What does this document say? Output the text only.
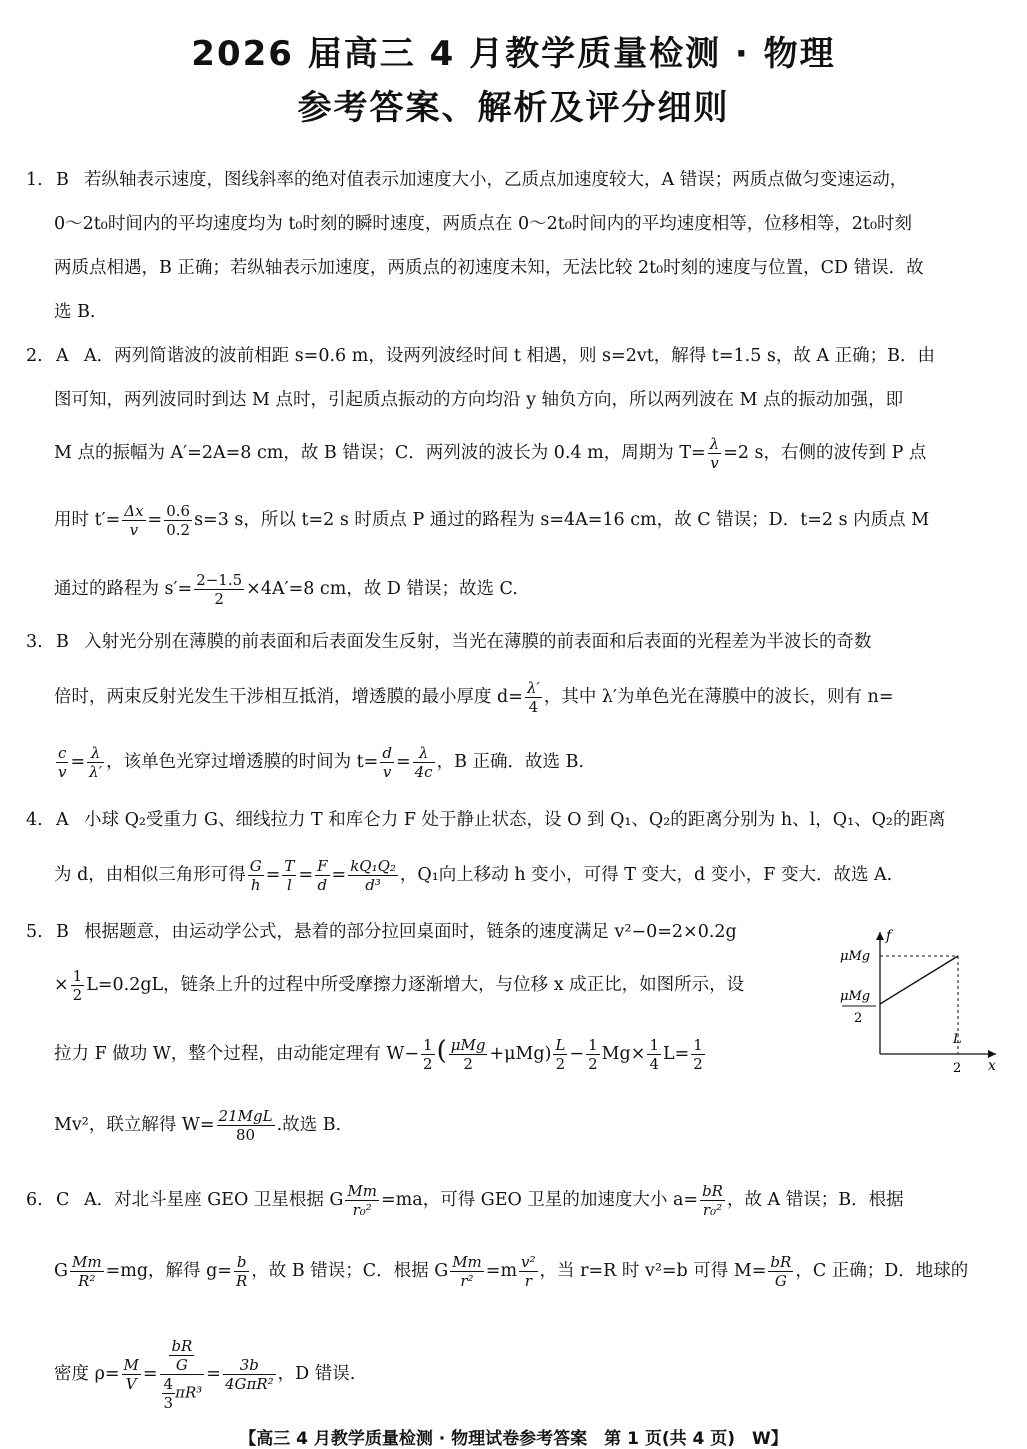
2026 届高三 4 月教学质量检测 · 物理
参考答案、解析及评分细则
1. B 若纵轴表示速度，图线斜率的绝对值表示加速度大小，乙质点加速度较大，A 错误；两质点做匀变速运动，
0～2t₀时间内的平均速度均为 t₀时刻的瞬时速度，两质点在 0～2t₀时间内的平均速度相等，位移相等，2t₀时刻
两质点相遇，B 正确；若纵轴表示加速度，两质点的初速度未知，无法比较 2t₀时刻的速度与位置，CD 错误．故
选 B.
2. A A．两列简谐波的波前相距 s=0.6 m，设两列波经时间 t 相遇，则 s=2vt，解得 t=1.5 s，故 A 正确；B．由
图可知，两列波同时到达 M 点时，引起质点振动的方向均沿 y 轴负方向，所以两列波在 M 点的振动加强，即
M 点的振幅为 A′=2A=8 cm，故 B 错误；C．两列波的波长为 0.4 m，周期为 $T= \frac{\lambda}{v} =2$ s，右侧的波传到 P 点
用时 $t'= \frac{\Delta x}{v} = \frac{0.6}{0.2} s=3$ s，所以 t=2 s 时质点 P 通过的路程为 s=4A=16 cm，故 C 错误；D．t=2 s 内质点 M
通过的路程为 $s'= \frac{2-1.5}{2} \times 4A'=8$ cm，故 D 错误；故选 C.
3. B 入射光分别在薄膜的前表面和后表面发生反射，当光在薄膜的前表面和后表面的光程差为半波长的奇数
倍时，两束反射光发生干涉相互抵消，增透膜的最小厚度 $d= \frac{\lambda'}{4}$ ，其中 λ′为单色光在薄膜中的波长，则有 n=
$\frac{c}{v} = \frac{\lambda}{\lambda'}$ ，该单色光穿过增透膜的时间为 $t= \frac{d}{v} = \frac{\lambda}{4c}$ ，B 正确．故选 B.
4. A 小球 Q₂受重力 G、细线拉力 T 和库仑力 F 处于静止状态，设 O 到 Q₁、Q₂的距离分别为 h、l，Q₁、Q₂的距离
为 d，由相似三角形可得 $\frac{G}{h} = \frac{T}{l} = \frac{F}{d} = \frac{\text{kQ₁Q₂}}{\text{d³}}$ ，Q₁向上移动 h 变小，可得 T 变大，d 变小，F 变大．故选 A.
5. B 根据题意，由运动学公式，悬着的部分拉回桌面时，链条的速度满足 v²−0=2×0.2g
× $\frac{1}{2} L=0.2gL$，链条上升的过程中所受摩擦力逐渐增大，与位移 x 成正比，如图所示，设
拉力 F 做功 W，整个过程，由动能定理有 $W- \frac{1}{2}$ ( $\frac{\text{μMg}}{2} +\mu Mg) \frac{L}{2} - \frac{1}{2} Mg\times \frac{1}{4} L= \frac{1}{2}$
Mv²，联立解得 $W= \frac{\text{21MgL}}{80}$ .故选 B.
f
x
μMg
μMg
2
L
2
6. C A．对北斗星座 GEO 卫星根据 G $\frac{Mm}{\text{r₀²}} =ma$，可得 GEO 卫星的加速度大小 $a= \frac{bR}{\text{r₀²}}$ ，故 A 错误；B．根据
G $\frac{Mm}{\text{R²}} =mg$，解得 $g= \frac{b}{R}$ ，故 B 错误；C．根据 G $\frac{Mm}{\text{r²}} =m \frac{\text{v²}}{r}$ ，当 r=R 时 v²=b 可得 $M= \frac{bR}{G}$ ，C 正确；D．地球的
密度 $\rho= \frac{M}{V} = \frac{\frac{bR}{G}}{\frac{4}{3} \pi R^3} = \frac{3b}{\text{4GπR²}}$ ，D 错误.
【高三 4 月教学质量检测 · 物理试卷参考答案　第 1 页(共 4 页)　W】
